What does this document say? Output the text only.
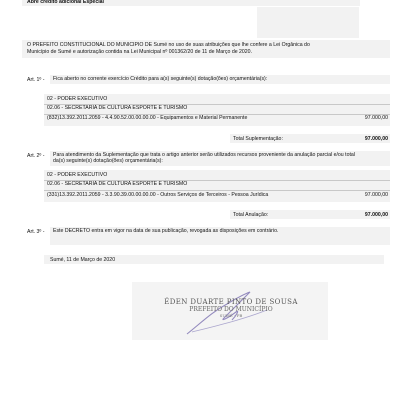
Abre crédito adicional Especial
O PREFEITO CONSTITUCIONAL DO MUNICIPIO DE Sumé no uso de suas atribuições que lhe confere a Lei Orgânica do
Município de Sumé e autorização contida na Lei Municipal nº 001362/20 de 11 de Março de 2020.
Art. 1º - Fica aberto no corrente exercício Crédito para a(s) seguinte(s) dotação(ões) orçamentária(s):
02 - PODER EXECUTIVO
02.06 - SECRETARIA DE CULTURA ESPORTE E TURISMO
(832)13.392.2011.2059 - 4.4.90.52.00.00.00.00 - Equipamentos e Material Permanente	97.000,00
Total Suplementação:	97.000,00
Art. 2º - Para atendimento da Suplementação que trata o artigo anterior serão utilizados recursos proveniente da anulação parcial e/ou total
da(s) seguinte(s) dotação(ões) orçamentária(s):
02 - PODER EXECUTIVO
02.06 - SECRETARIA DE CULTURA ESPORTE E TURISMO
(331)13.392.2011.2059 - 3.3.90.39.00.00.00.00 - Outros Serviços de Terceiros - Pessoa Jurídica	97.000,00
Total Anulação:	97.000,00
Art. 3º - Este DECRETO entra em vigor na data de sua publicação, revogada as disposições em contrário.
Sumé, 11 de Março de 2020
ÉDEN DUARTE PINTO DE SOUSA
PREFEITO DO MUNICÍPIO
SUMÉ - PB
